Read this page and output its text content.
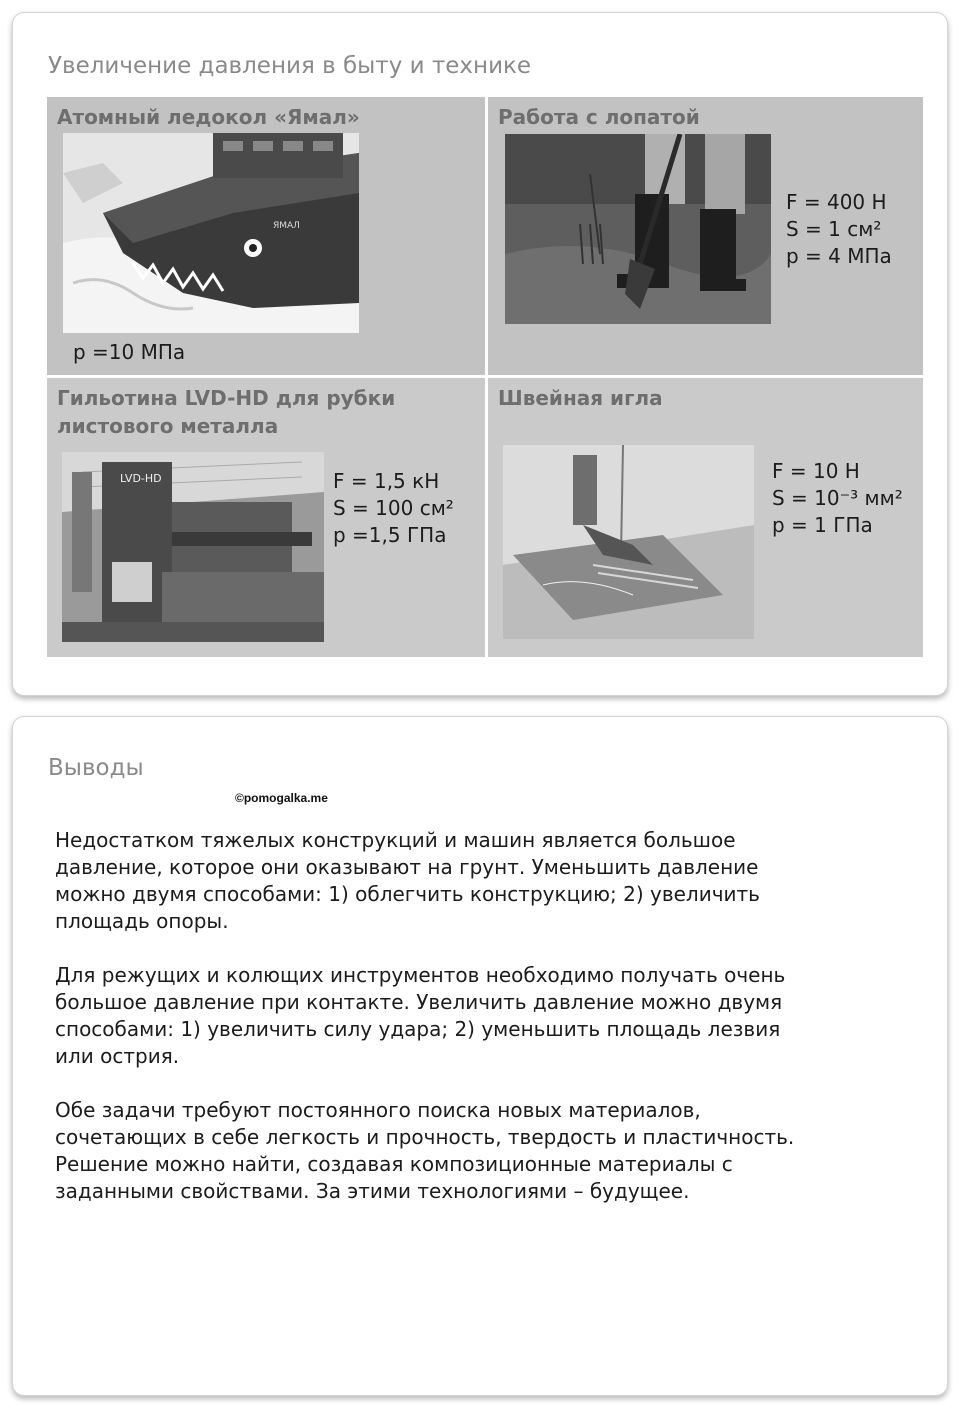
Увеличение давления в быту и технике
Атомный ледокол «Ямал»
ЯМАЛ
р =10 МПа
Работа с лопатой
F = 400 Н
S = 1 см²
p = 4 МПа
Гильотина LVD-HD для рубки
листового металла
LVD-HD	F = 1,5 кН
S = 100 см²
p =1,5 ГПа
Швейная игла
F = 10 Н
S = 10⁻³ мм²
p = 1 ГПа
Выводы
©pomogalka.me

Недостатком тяжелых конструкций и машин является большое
давление, которое они оказывают на грунт. Уменьшить давление
можно двумя способами: 1) облегчить конструкцию; 2) увеличить
площадь опоры.

Для режущих и колющих инструментов необходимо получать очень
большое давление при контакте. Увеличить давление можно двумя
способами: 1) увеличить силу удара; 2) уменьшить площадь лезвия
или острия.

Обе задачи требуют постоянного поиска новых материалов,
сочетающих в себе легкость и прочность, твердость и пластичность.
Решение можно найти, создавая композиционные материалы с
заданными свойствами. За этими технологиями – будущее.
